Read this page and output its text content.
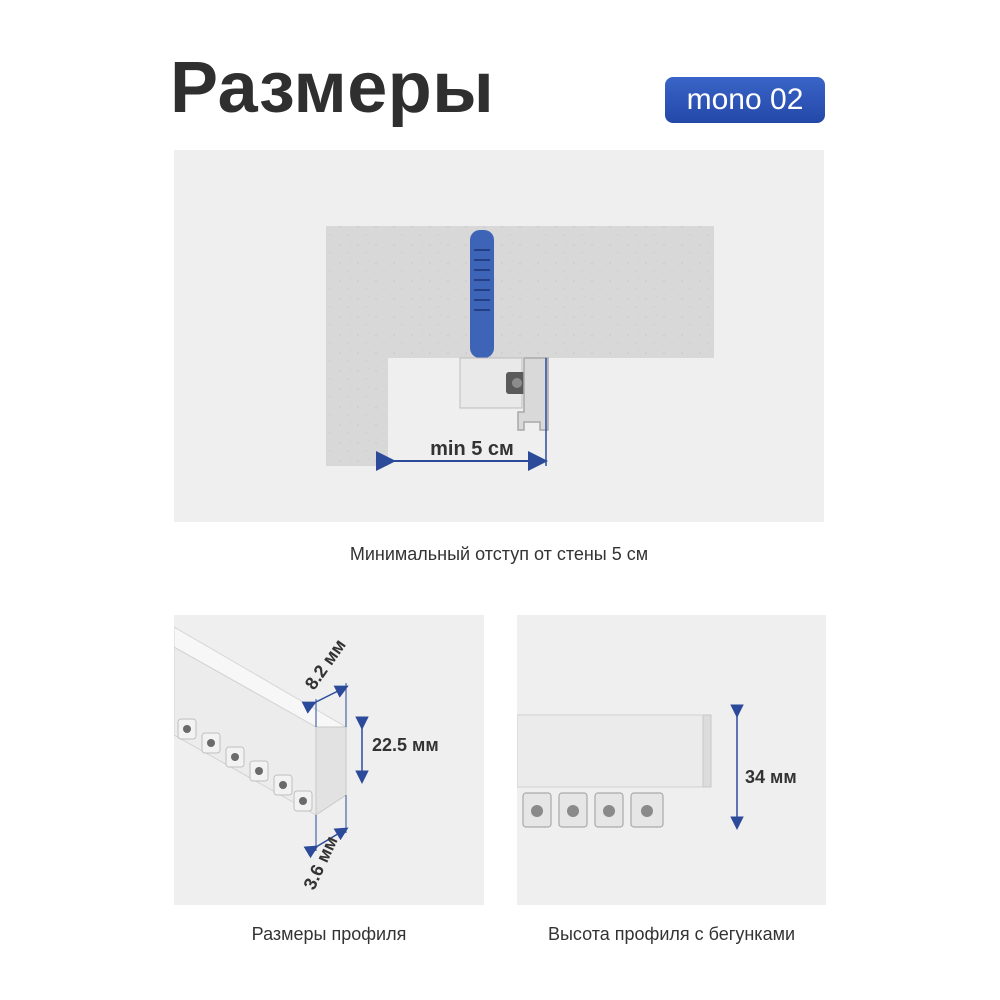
Размеры	mono 02
min 5 см
Минимальный отступ от стены 5 см
8.2 мм
22.5 мм
3.6 мм
Размеры профиля
34 мм
Высота профиля с бегунками
